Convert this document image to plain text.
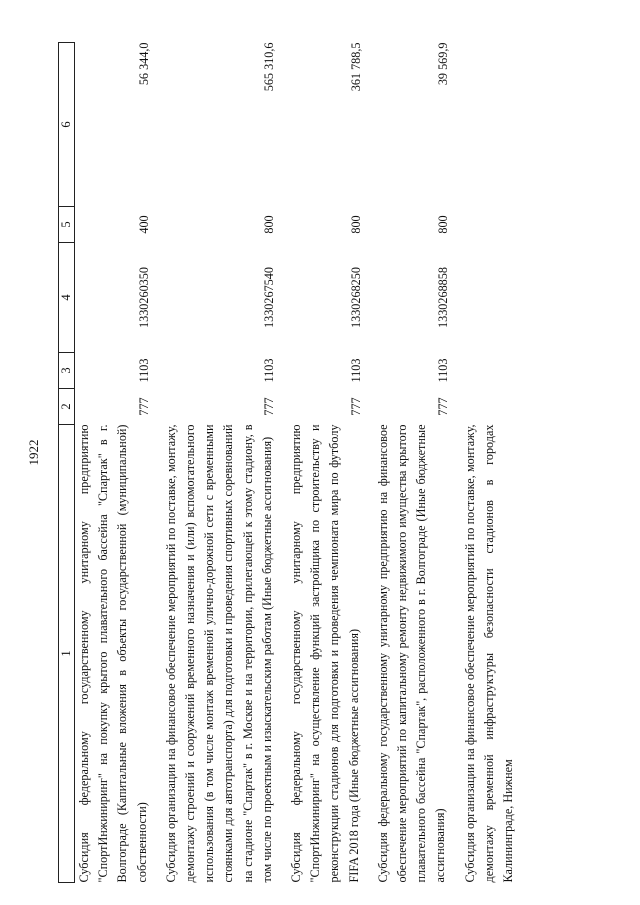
1922
1	2	3	4	5	6
Субсидия федеральному государственному унитарному предприятию "СпортИнжиниринг" на покупку крытого плавательного бассейна "Спартак" в г. Волгограде (Капитальные вложения в объекты государственной (муниципальной) собственности)	777	1103	1330260350	400	56 344,0

Субсидия организации на финансовое обеспечение мероприятий по поставке, монтажу, демонтажу строений и сооружений временного назначения и (или) вспомогательного использования (в том числе монтаж временной улично-дорожной сети с временными стоянками для автотранспорта) для подготовки и проведения спортивных соревнований на стадионе "Спартак" в г. Москве и на территории, прилегающей к этому стадиону, в том числе по проектным и изыскательским работам (Иные бюджетные ассигнования)	777	1103	1330267540	800	565 310,6

Субсидия федеральному государственному унитарному предприятию "СпортИнжиниринг" на осуществление функций застройщика по строительству и реконструкции стадионов для подготовки и проведения чемпионата мира по футболу FIFA 2018 года (Иные бюджетные ассигнования)	777	1103	1330268250	800	361 788,5

Субсидия федеральному государственному унитарному предприятию на финансовое обеспечение мероприятий по капитальному ремонту недвижимого имущества крытого плавательного бассейна "Спартак", расположенного в г. Волгограде (Иные бюджетные ассигнования)	777	1103	1330268858	800	39 569,9

Субсидия организации на финансовое обеспечение мероприятий по поставке, монтажу, демонтажу временной инфраструктуры безопасности стадионов в городах Калининграде, Нижнем					
